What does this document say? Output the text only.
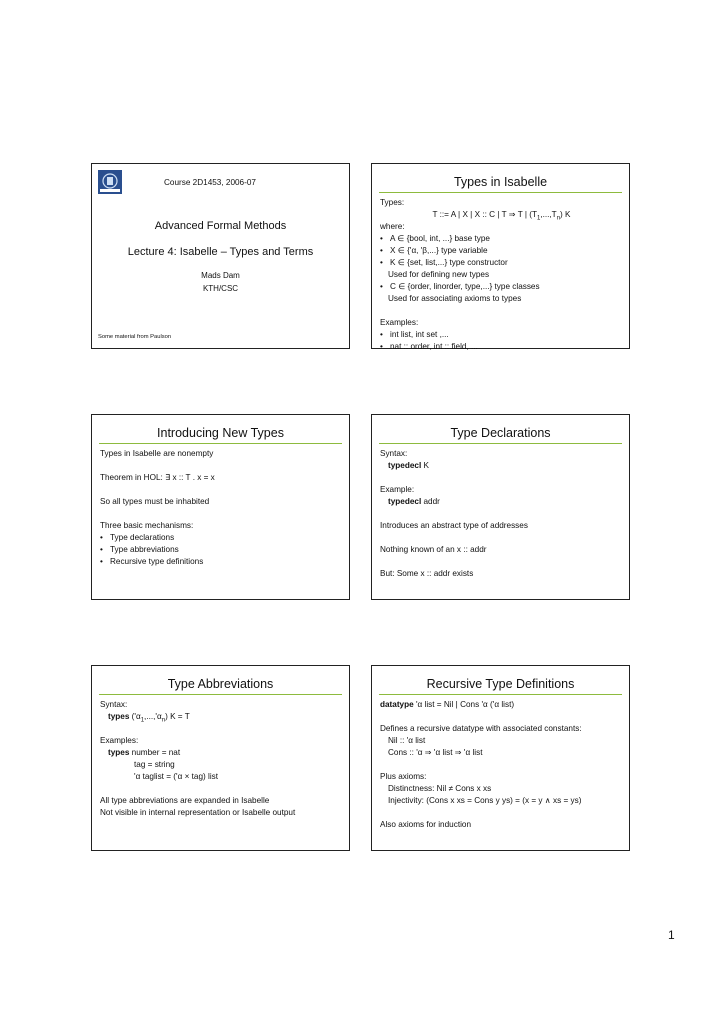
Course 2D1453, 2006-07
Advanced Formal Methods
Lecture 4: Isabelle – Types and Terms
Mads Dam
KTH/CSC
Some material from Paulson
Types in Isabelle

Types:

T ::= A | X | X :: C | T ⇒ T | $(T_1,...,T_n)$ K

where:

• A ∈ {bool, int, ...} base type

• X ∈ {'α, 'β,...} type variable

• K ∈ {set, list,...} type constructor

Used for defining new types

• C ∈ {order, linorder, type,...} type classes

Used for associating axioms to types

Examples:

• int list, int set ,...

• nat :: order, int :: field, ...

Introducing New Types

Types in Isabelle are nonempty

Theorem in HOL: ∃ x :: T . x = x

So all types must be inhabited

Three basic mechanisms:

• Type declarations

• Type abbreviations

• Recursive type definitions

Type Declarations

Syntax:

typedecl K

Example:

typedecl addr

Introduces an abstract type of addresses

Nothing known of an x :: addr

But: Some x :: addr exists

Type Abbreviations

Syntax:

types $('\alpha_1,...,'\alpha_n) K = T$

Examples:

types number = nat

tag = string

'α taglist = ('α × tag) list

All type abbreviations are expanded in Isabelle

Not visible in internal representation or Isabelle output

Recursive Type Definitions

datatype 'α list = Nil | Cons 'α ('α list)

Defines a recursive datatype with associated constants:

Nil :: 'α list

Cons :: 'α ⇒ 'α list ⇒ 'α list

Plus axioms:

Distinctness: Nil ≠ Cons x xs

Injectivity: (Cons x xs = Cons y ys) = (x = y ∧ xs = ys)

Also axioms for induction

1
